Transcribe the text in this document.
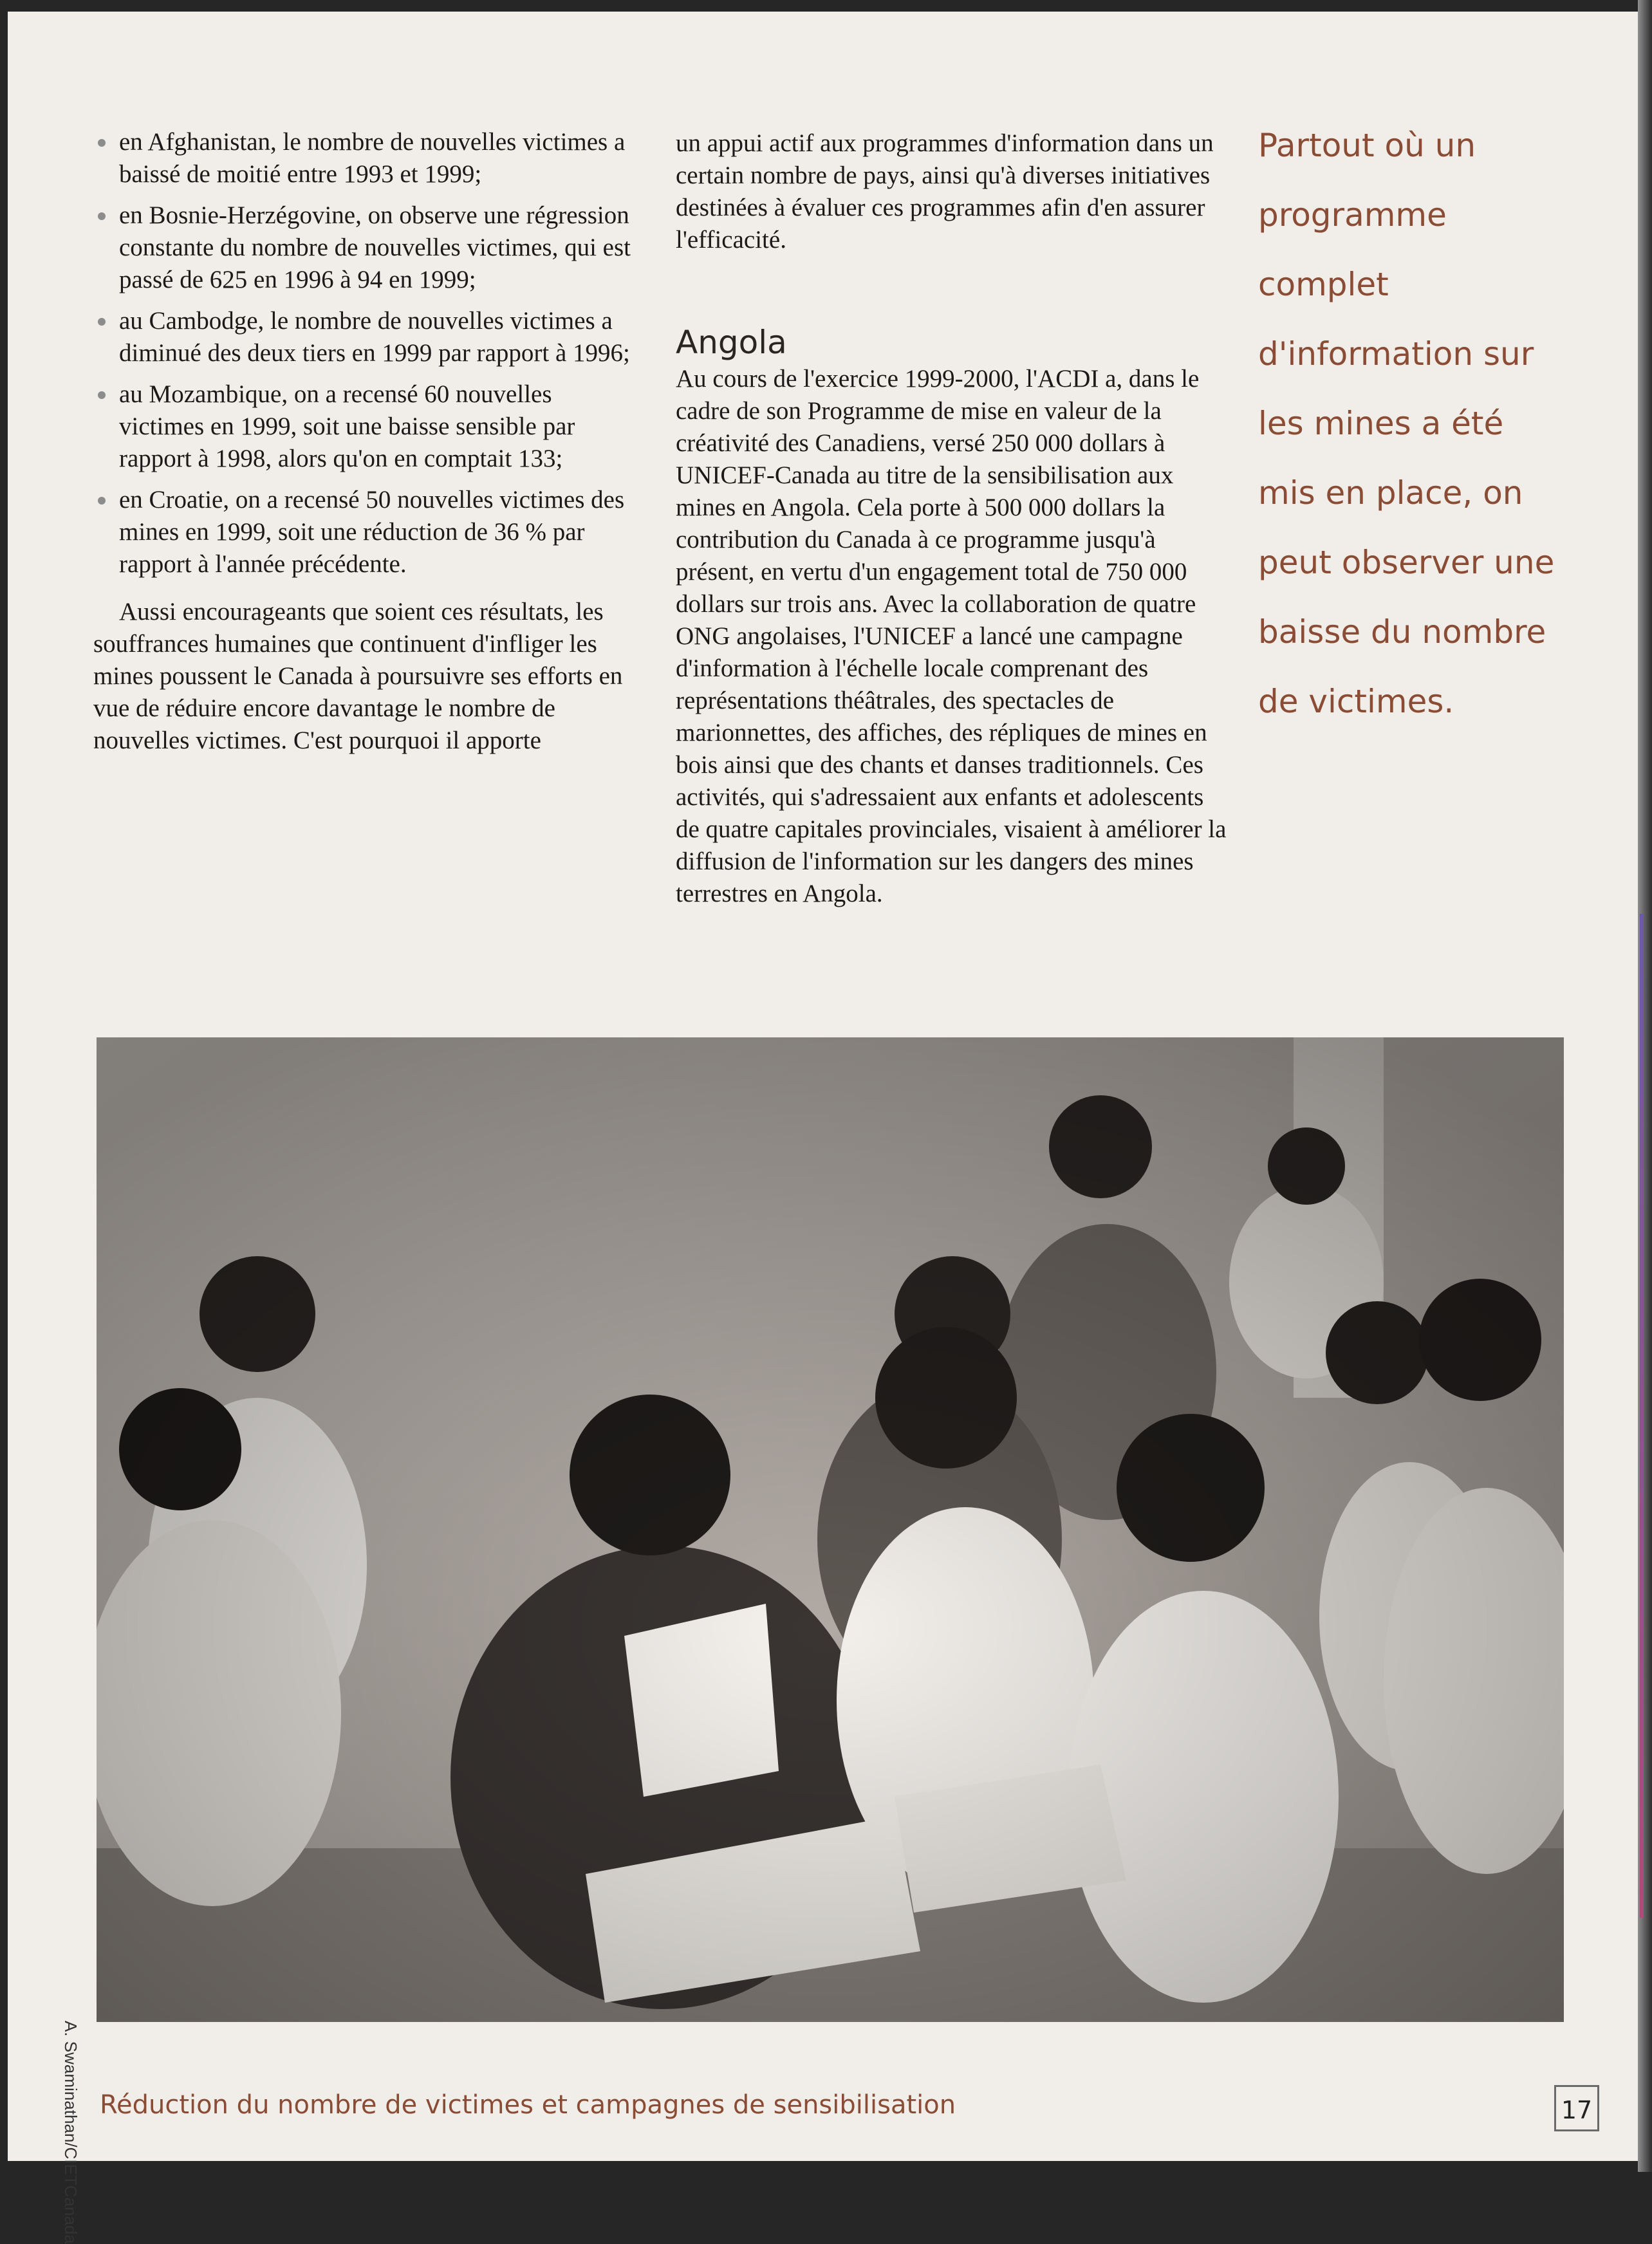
en Afghanistan, le nombre de nouvelles victimes a baissé de moitié entre 1993 et 1999;
en Bosnie-Herzégovine, on observe une régression constante du nombre de nouvelles victimes, qui est passé de 625 en 1996 à 94 en 1999;
au Cambodge, le nombre de nouvelles victimes a diminué des deux tiers en 1999 par rapport à 1996;
au Mozambique, on a recensé 60 nouvelles victimes en 1999, soit une baisse sensible par rapport à 1998, alors qu'on en comptait 133;
en Croatie, on a recensé 50 nouvelles victimes des mines en 1999, soit une réduction de 36 % par rapport à l'année précédente.

Aussi encourageants que soient ces résultats, les souffrances humaines que continuent d'infliger les mines poussent le Canada à poursuivre ses efforts en vue de réduire encore davantage le nombre de nouvelles victimes. C'est pourquoi il apporte

un appui actif aux programmes d'information dans un certain nombre de pays, ainsi qu'à diverses initiatives destinées à évaluer ces programmes afin d'en assurer l'efficacité.

Angola

Au cours de l'exercice 1999-2000, l'ACDI a, dans le cadre de son Programme de mise en valeur de la créativité des Canadiens, versé 250 000 dollars à UNICEF-Canada au titre de la sensibilisation aux mines en Angola. Cela porte à 500 000 dollars la contribution du Canada à ce programme jusqu'à présent, en vertu d'un engagement total de 750 000 dollars sur trois ans. Avec la collaboration de quatre ONG angolaises, l'UNICEF a lancé une campagne d'information à l'échelle locale comprenant des représentations théâtrales, des spectacles de marionnettes, des affiches, des répliques de mines en bois ainsi que des chants et danses traditionnels. Ces activités, qui s'adressaient aux enfants et adolescents de quatre capitales provinciales, visaient à améliorer la diffusion de l'information sur les dangers des mines terrestres en Angola.

Partout où un programme complet d'information sur les mines a été mis en place, on peut observer une baisse du nombre de victimes.
A. Swaminathan/CIETCanada Réduction du nombre de victimes et campagnes de sensibilisation	17
